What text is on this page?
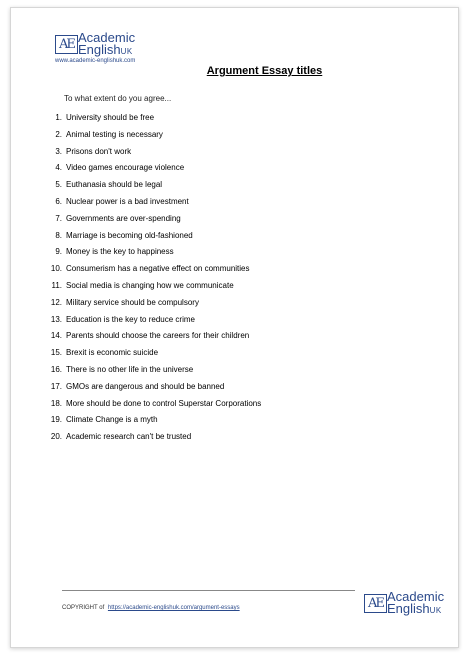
AE Academic
EnglishUK
www.academic-englishuk.com
Argument Essay titles
To what extent do you agree...
1. University should be free
2. Animal testing is necessary
3. Prisons don't work
4. Video games encourage violence
5. Euthanasia should be legal
6. Nuclear power is a bad investment
7. Governments are over-spending
8. Marriage is becoming old-fashioned
9. Money is the key to happiness
10. Consumerism has a negative effect on communities
11. Social media is changing how we communicate
12. Military service should be compulsory
13. Education is the key to reduce crime
14. Parents should choose the careers for their children
15. Brexit is economic suicide
16. There is no other life in the universe
17. GMOs are dangerous and should be banned
18. More should be done to control Superstar Corporations
19. Climate Change is a myth
20. Academic research can't be trusted
COPYRIGHT of https://academic-englishuk.com/argument-essays	AE Academic
EnglishUK
